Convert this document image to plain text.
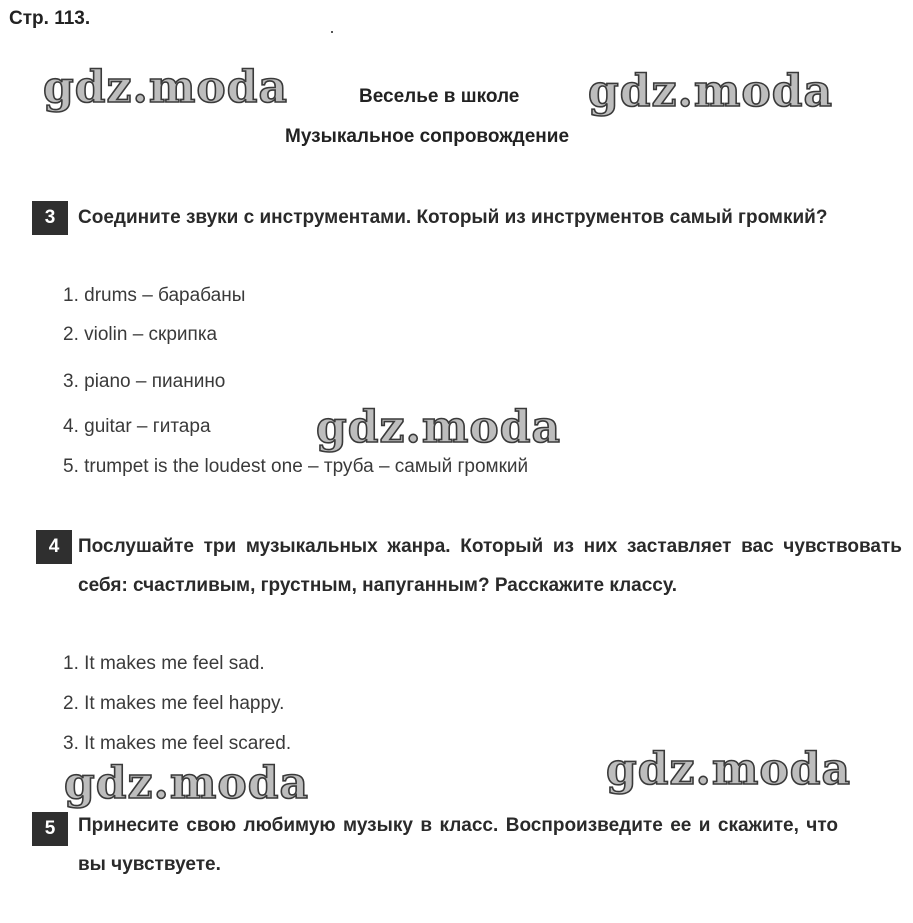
Стр. 113.
gdz.moda	gdz.moda
Веселье в школе
Музыкальное сопровождение
3	Соедините звуки с инструментами. Который из инструментов самый громкий?
1. drums – барабаны
2. violin – скрипка
3. piano – пианино
4. guitar – гитара
5. trumpet is the loudest one – труба – самый громкий
gdz.moda
4 Послушайте три музыкальных жанра. Который из них заставляет вас чувствовать себя: счастливым, грустным, напуганным? Расскажите классу.
1. It makes me feel sad.
2. It makes me feel happy.
3. It makes me feel scared.
gdz.moda	gdz.moda
5	Принесите свою любимую музыку в класс. Воспроизведите ее и скажите, что вы чувствуете.
